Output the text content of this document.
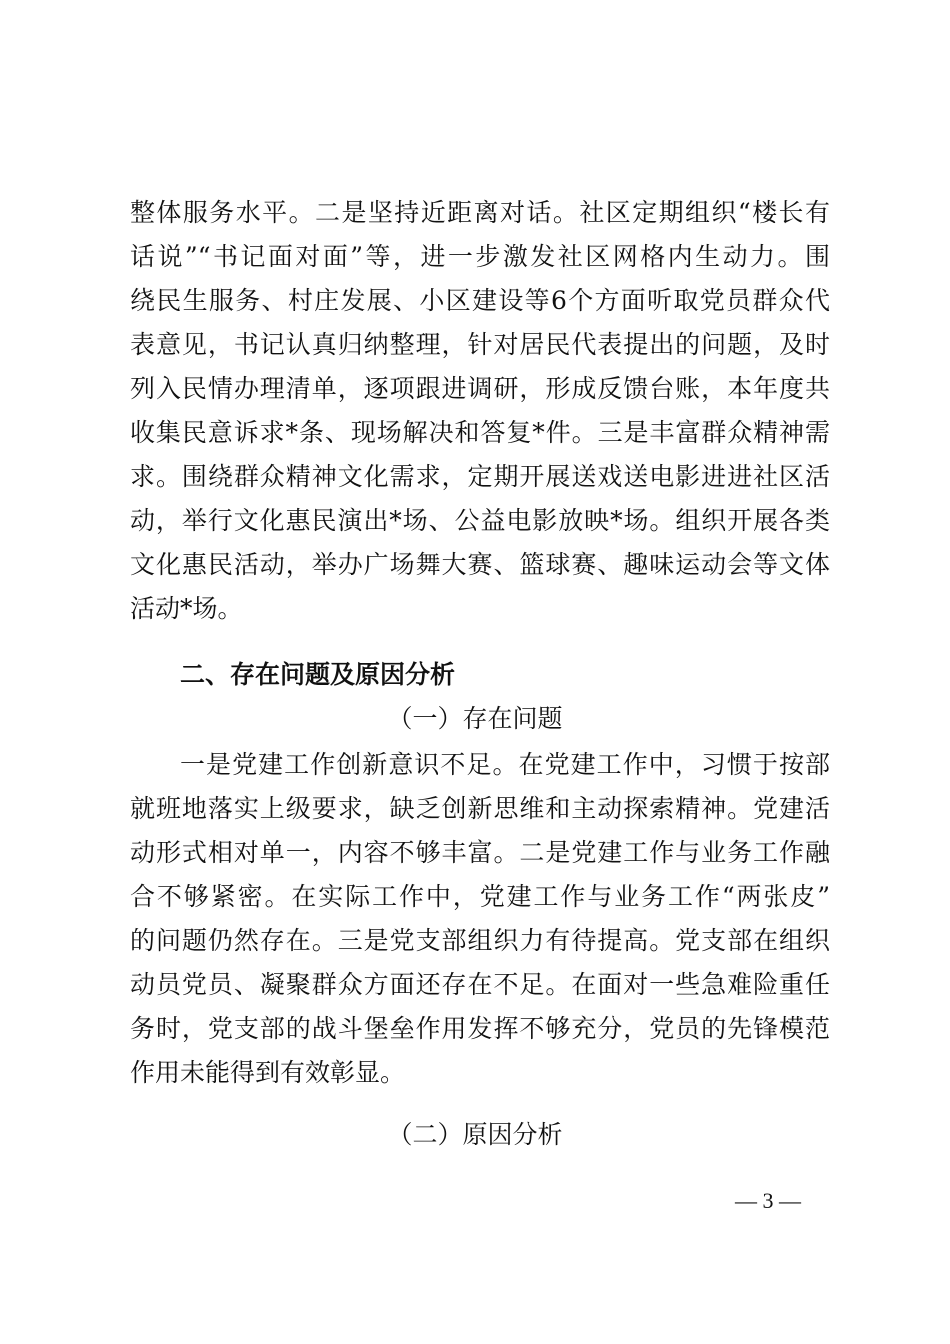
整体服务水平。二是坚持近距离对话。社区定期组织“楼长有
话说”“书记面对面”等，进一步激发社区网格内生动力。围
绕民生服务、村庄发展、小区建设等6个方面听取党员群众代
表意见，书记认真归纳整理，针对居民代表提出的问题，及时
列入民情办理清单，逐项跟进调研，形成反馈台账，本年度共
收集民意诉求*条、现场解决和答复*件。三是丰富群众精神需
求。围绕群众精神文化需求，定期开展送戏送电影进进社区活
动，举行文化惠民演出*场、公益电影放映*场。组织开展各类
文化惠民活动，举办广场舞大赛、篮球赛、趣味运动会等文体
活动*场。
二、存在问题及原因分析
（一）存在问题
一是党建工作创新意识不足。在党建工作中，习惯于按部
就班地落实上级要求，缺乏创新思维和主动探索精神。党建活
动形式相对单一，内容不够丰富。二是党建工作与业务工作融
合不够紧密。在实际工作中，党建工作与业务工作“两张皮”
的问题仍然存在。三是党支部组织力有待提高。党支部在组织
动员党员、凝聚群众方面还存在不足。在面对一些急难险重任
务时，党支部的战斗堡垒作用发挥不够充分，党员的先锋模范
作用未能得到有效彰显。
（二）原因分析
— 3 —
